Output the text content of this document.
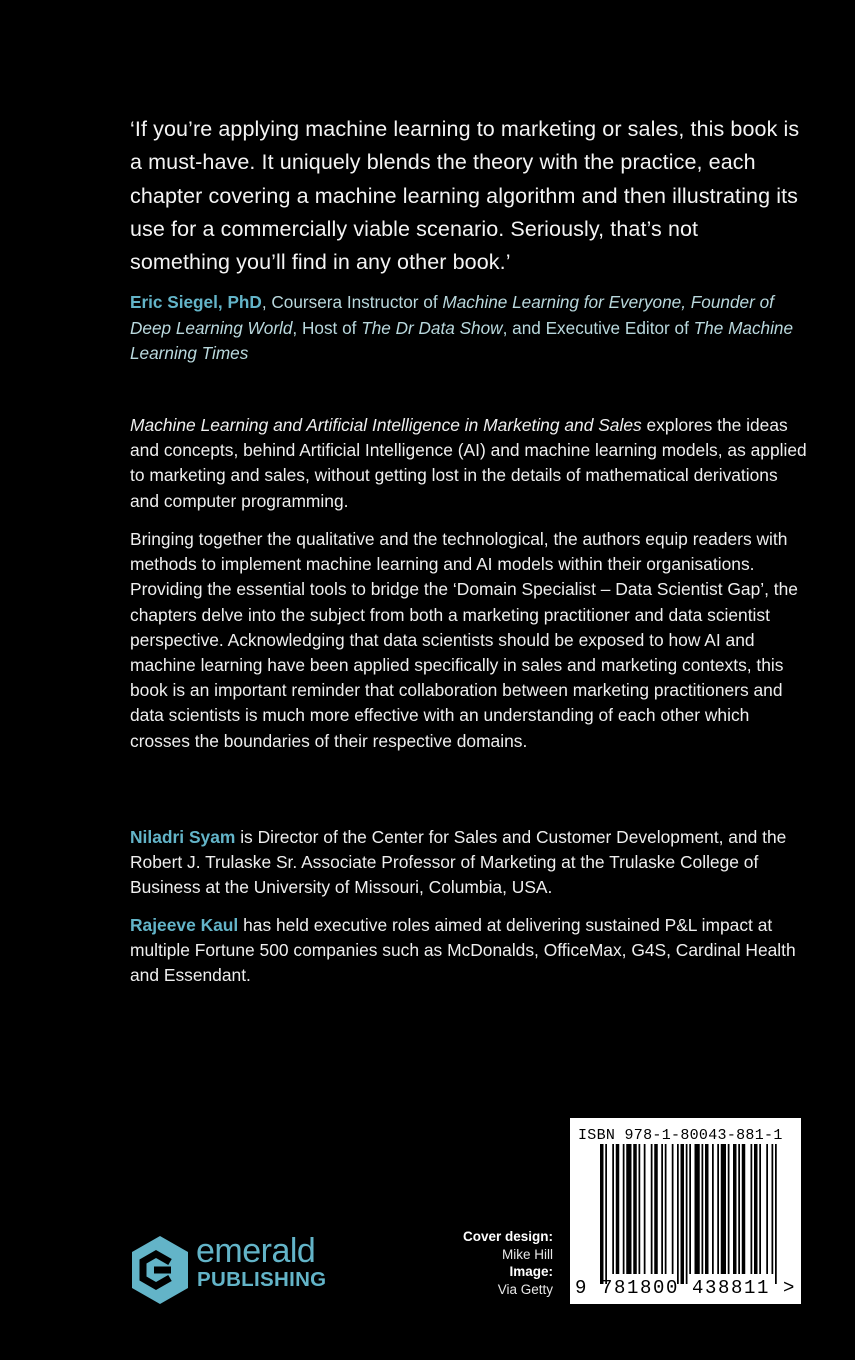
‘If you’re applying machine learning to marketing or sales, this book is a must-have. It uniquely blends the theory with the practice, each chapter covering a machine learning algorithm and then illustrating its use for a commercially viable scenario. Seriously, that’s not something you’ll find in any other book.’
Eric Siegel, PhD, Coursera Instructor of Machine Learning for Everyone, Founder of Deep Learning World, Host of The Dr Data Show, and Executive Editor of The Machine Learning Times

Machine Learning and Artificial Intelligence in Marketing and Sales explores the ideas and concepts, behind Artificial Intelligence (AI) and machine learning models, as applied to marketing and sales, without getting lost in the details of mathematical derivations and computer programming.

Bringing together the qualitative and the technological, the authors equip readers with methods to implement machine learning and AI models within their organisations. Providing the essential tools to bridge the ‘Domain Specialist – Data Scientist Gap’, the chapters delve into the subject from both a marketing practitioner and data scientist perspective. Acknowledging that data scientists should be exposed to how AI and machine learning have been applied specifically in sales and marketing contexts, this book is an important reminder that collaboration between marketing practitioners and data scientists is much more effective with an understanding of each other which crosses the boundaries of their respective domains.

Niladri Syam is Director of the Center for Sales and Customer Development, and the Robert J. Trulaske Sr. Associate Professor of Marketing at the Trulaske College of Business at the University of Missouri, Columbia, USA.

Rajeeve Kaul has held executive roles aimed at delivering sustained P&L impact at multiple Fortune 500 companies such as McDonalds, OfficeMax, G4S, Cardinal Health and Essendant.

emerald
PUBLISHING
Cover design:
Mike Hill
Image:
Via Getty
ISBN 978-1-80043-881-1
9 781800 438811 >
